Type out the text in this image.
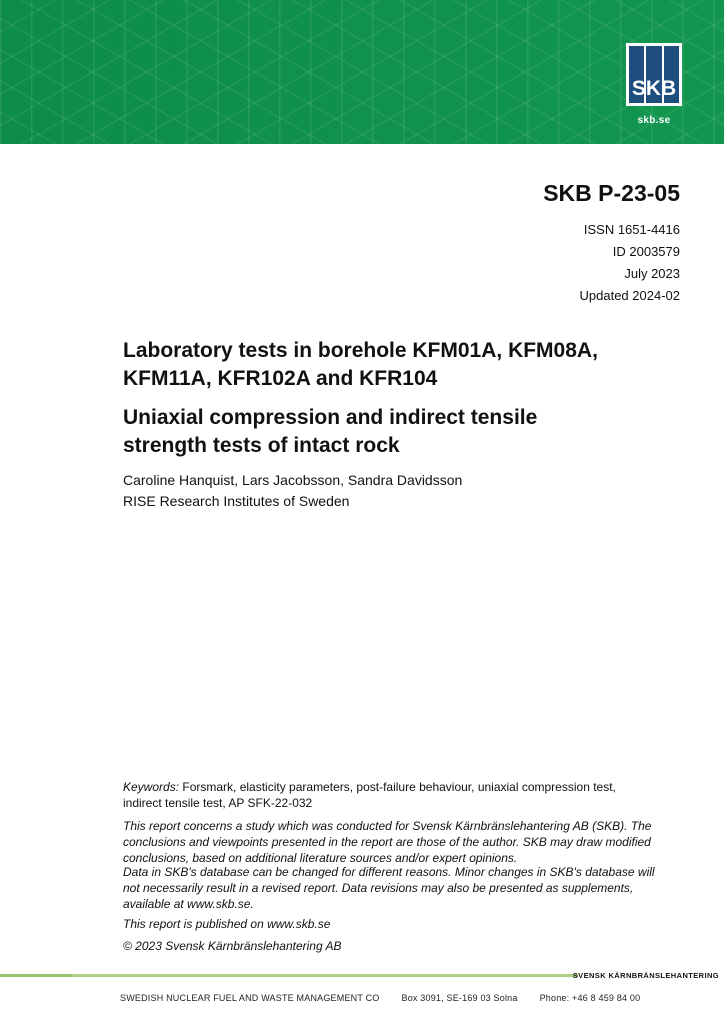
SKB
skb.se
SKB P-23-05
ISSN 1651-4416
ID 2003579
July 2023
Updated 2024-02
Laboratory tests in borehole KFM01A, KFM08A,
KFM11A, KFR102A and KFR104
Uniaxial compression and indirect tensile
strength tests of intact rock
Caroline Hanquist, Lars Jacobsson, Sandra Davidsson
RISE Research Institutes of Sweden
Keywords: Forsmark, elasticity parameters, post-failure behaviour, uniaxial compression test,
indirect tensile test, AP SFK-22-032
This report concerns a study which was conducted for Svensk Kärnbränslehantering AB (SKB). The
conclusions and viewpoints presented in the report are those of the author. SKB may draw modified
conclusions, based on additional literature sources and/or expert opinions.
Data in SKB's database can be changed for different reasons. Minor changes in SKB's database will
not necessarily result in a revised report. Data revisions may also be presented as supplements,
available at www.skb.se.
This report is published on www.skb.se
© 2023 Svensk Kärnbränslehantering AB
SVENSK KÄRNBRÄNSLEHANTERING
SWEDISH NUCLEAR FUEL AND WASTE MANAGEMENT CO Box 3091, SE-169 03 Solna Phone: +46 8 459 84 00
